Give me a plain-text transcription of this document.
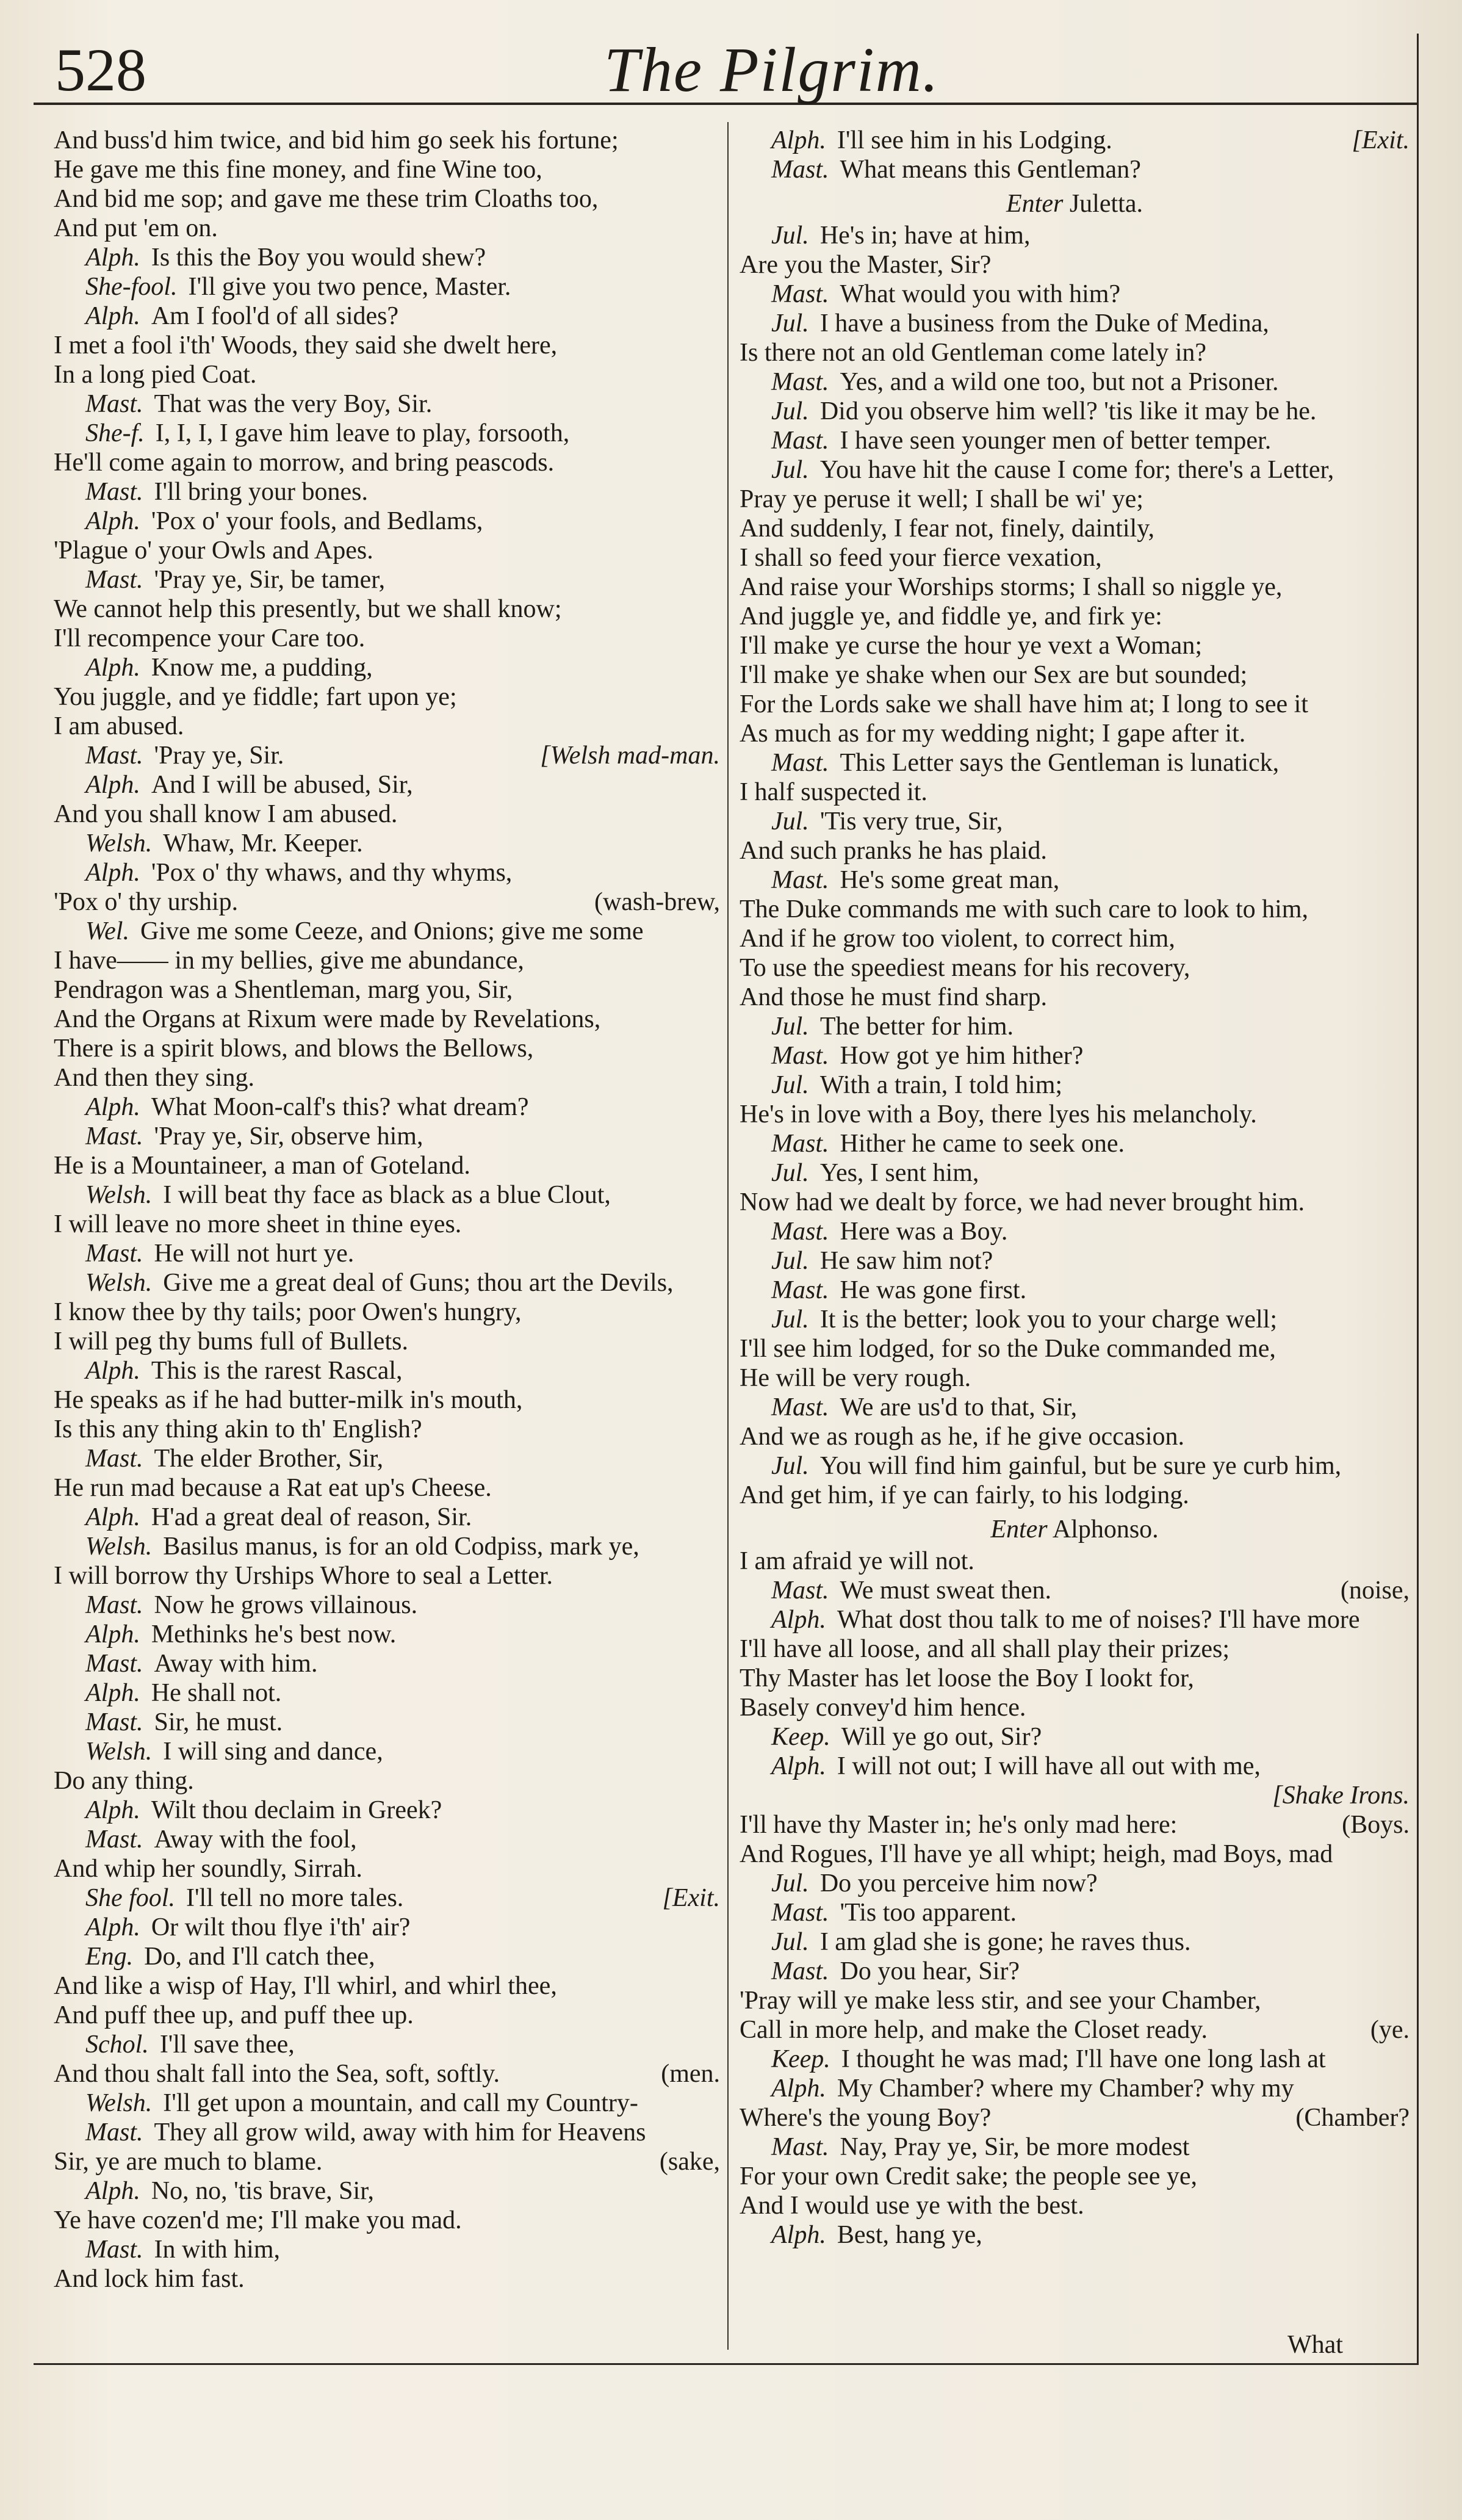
528	The Pilgrim.
And buss'd him twice, and bid him go seek his fortune;
He gave me this fine money, and fine Wine too,
And bid me sop; and gave me these trim Cloaths too,
And put 'em on.
Alph. Is this the Boy you would shew?
She-fool. I'll give you two pence, Master.
Alph. Am I fool'd of all sides?
I met a fool i'th' Woods, they said she dwelt here,
In a long pied Coat.
Mast. That was the very Boy, Sir.
She-f. I, I, I, I gave him leave to play, forsooth,
He'll come again to morrow, and bring peascods.
Mast. I'll bring your bones.
Alph. 'Pox o' your fools, and Bedlams,
'Plague o' your Owls and Apes.
Mast. 'Pray ye, Sir, be tamer,
We cannot help this presently, but we shall know;
I'll recompence your Care too.
Alph. Know me, a pudding,
You juggle, and ye fiddle; fart upon ye;
I am abused.
[Welsh mad-man.
Mast. 'Pray ye, Sir.
Alph. And I will be abused, Sir,
And you shall know I am abused.
Welsh. Whaw, Mr. Keeper.
Alph. 'Pox o' thy whaws, and thy whyms,
(wash-brew,
'Pox o' thy urship.
Wel. Give me some Ceeze, and Onions; give me some
I have—— in my bellies, give me abundance,
Pendragon was a Shentleman, marg you, Sir,
And the Organs at Rixum were made by Revelations,
There is a spirit blows, and blows the Bellows,
And then they sing.
Alph. What Moon-calf's this? what dream?
Mast. 'Pray ye, Sir, observe him,
He is a Mountaineer, a man of Goteland.
Welsh. I will beat thy face as black as a blue Clout,
I will leave no more sheet in thine eyes.
Mast. He will not hurt ye.
Welsh. Give me a great deal of Guns; thou art the Devils,
I know thee by thy tails; poor Owen's hungry,
I will peg thy bums full of Bullets.
Alph. This is the rarest Rascal,
He speaks as if he had butter-milk in's mouth,
Is this any thing akin to th' English?
Mast. The elder Brother, Sir,
He run mad because a Rat eat up's Cheese.
Alph. H'ad a great deal of reason, Sir.
Welsh. Basilus manus, is for an old Codpiss, mark ye,
I will borrow thy Urships Whore to seal a Letter.
Mast. Now he grows villainous.
Alph. Methinks he's best now.
Mast. Away with him.
Alph. He shall not.
Mast. Sir, he must.
Welsh. I will sing and dance,
Do any thing.
Alph. Wilt thou declaim in Greek?
Mast. Away with the fool,
And whip her soundly, Sirrah.
[Exit.
She fool. I'll tell no more tales.
Alph. Or wilt thou flye i'th' air?
Eng. Do, and I'll catch thee,
And like a wisp of Hay, I'll whirl, and whirl thee,
And puff thee up, and puff thee up.
Schol. I'll save thee,
(men.
And thou shalt fall into the Sea, soft, softly.
Welsh. I'll get upon a mountain, and call my Country-
Mast. They all grow wild, away with him for Heavens
(sake,
Sir, ye are much to blame.
Alph. No, no, 'tis brave, Sir,
Ye have cozen'd me; I'll make you mad.
Mast. In with him,
And lock him fast.
[Exit.
Alph. I'll see him in his Lodging.
Mast. What means this Gentleman?
Enter Juletta.
Jul. He's in; have at him,
Are you the Master, Sir?
Mast. What would you with him?
Jul. I have a business from the Duke of Medina,
Is there not an old Gentleman come lately in?
Mast. Yes, and a wild one too, but not a Prisoner.
Jul. Did you observe him well? 'tis like it may be he.
Mast. I have seen younger men of better temper.
Jul. You have hit the cause I come for; there's a Letter,
Pray ye peruse it well; I shall be wi' ye;
And suddenly, I fear not, finely, daintily,
I shall so feed your fierce vexation,
And raise your Worships storms; I shall so niggle ye,
And juggle ye, and fiddle ye, and firk ye:
I'll make ye curse the hour ye vext a Woman;
I'll make ye shake when our Sex are but sounded;
For the Lords sake we shall have him at; I long to see it
As much as for my wedding night; I gape after it.
Mast. This Letter says the Gentleman is lunatick,
I half suspected it.
Jul. 'Tis very true, Sir,
And such pranks he has plaid.
Mast. He's some great man,
The Duke commands me with such care to look to him,
And if he grow too violent, to correct him,
To use the speediest means for his recovery,
And those he must find sharp.
Jul. The better for him.
Mast. How got ye him hither?
Jul. With a train, I told him;
He's in love with a Boy, there lyes his melancholy.
Mast. Hither he came to seek one.
Jul. Yes, I sent him,
Now had we dealt by force, we had never brought him.
Mast. Here was a Boy.
Jul. He saw him not?
Mast. He was gone first.
Jul. It is the better; look you to your charge well;
I'll see him lodged, for so the Duke commanded me,
He will be very rough.
Mast. We are us'd to that, Sir,
And we as rough as he, if he give occasion.
Jul. You will find him gainful, but be sure ye curb him,
And get him, if ye can fairly, to his lodging.
Enter Alphonso.
I am afraid ye will not.
(noise,
Mast. We must sweat then.
Alph. What dost thou talk to me of noises? I'll have more
I'll have all loose, and all shall play their prizes;
Thy Master has let loose the Boy I lookt for,
Basely convey'd him hence.
Keep. Will ye go out, Sir?
Alph. I will not out; I will have all out with me,
[Shake Irons.
(Boys.
I'll have thy Master in; he's only mad here:
And Rogues, I'll have ye all whipt; heigh, mad Boys, mad
Jul. Do you perceive him now?
Mast. 'Tis too apparent.
Jul. I am glad she is gone; he raves thus.
Mast. Do you hear, Sir?
'Pray will ye make less stir, and see your Chamber,
(ye.
Call in more help, and make the Closet ready.
Keep. I thought he was mad; I'll have one long lash at
Alph. My Chamber? where my Chamber? why my
(Chamber?
Where's the young Boy?
Mast. Nay, Pray ye, Sir, be more modest
For your own Credit sake; the people see ye,
And I would use ye with the best.
Alph. Best, hang ye,
What
